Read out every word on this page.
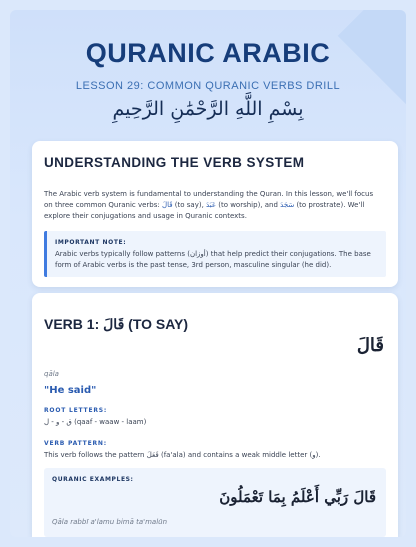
QURANIC ARABIC
LESSON 29: COMMON QURANIC VERBS DRILL
بِسْمِ اللَّهِ الرَّحْمَٰنِ الرَّحِيمِ
UNDERSTANDING THE VERB SYSTEM
The Arabic verb system is fundamental to understanding the Quran. In this lesson, we'll focus on three common Quranic verbs: قَالَ (to say), عَبَدَ (to worship), and سَجَدَ (to prostrate). We'll explore their conjugations and usage in Quranic contexts.
IMPORTANT NOTE:
Arabic verbs typically follow patterns (أوزان) that help predict their conjugations. The base form of Arabic verbs is the past tense, 3rd person, masculine singular (he did).
VERB 1: قَالَ (TO SAY)
قَالَ
qāla
"He said"
ROOT LETTERS:
ق - و - ل (qaaf - waaw - laam)
VERB PATTERN:
This verb follows the pattern فَعَلَ (fa'ala) and contains a weak middle letter (و).
QURANIC EXAMPLES:
قَالَ رَبِّي أَعْلَمُ بِمَا تَعْمَلُونَ
Qāla rabbī a'lamu bimā ta'malūn
